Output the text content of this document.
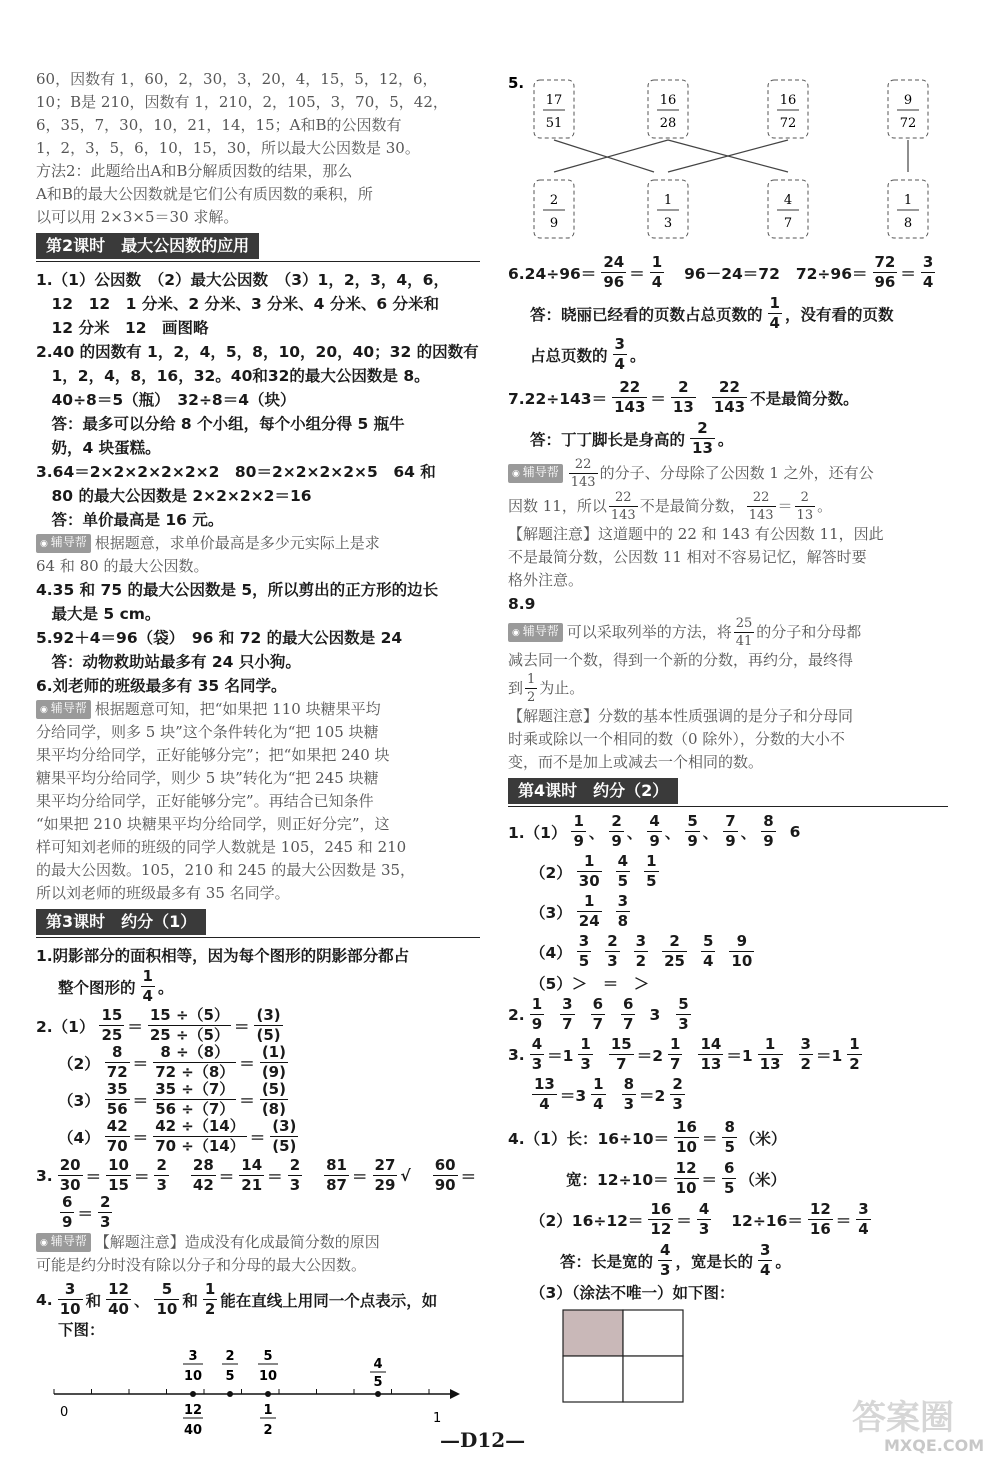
60，因数有 1，60，2，30，3，20，4，15，5，12，6，
10；B是 210，因数有 1，210，2，105，3，70，5，42，
6，35，7，30，10，21，14，15；A和B的公因数有
1，2，3，5，6，10，15，30，所以最大公因数是 30。
方法2：此题给出A和B分解质因数的结果，那么
A和B的最大公因数就是它们公有质因数的乘积，所
以可以用 2×3×5＝30 求解。
第2课时　最大公因数的应用
1.（1）公因数　（2）最大公因数　（3）1，2，3，4，6，
　12　12　1 分米、2 分米、3 分米、4 分米、6 分米和
　12 分米　12　画图略
2.40 的因数有 1，2，4，5，8，10，20，40；32 的因数有
　1，2，4，8，16，32。40和32的最大公因数是 8。
　40÷8＝5（瓶）　32÷8＝4（块）
　答：最多可以分给 8 个小组，每个小组分得 5 瓶牛
　奶，4 块蛋糕。
3.64＝2×2×2×2×2×2　80＝2×2×2×2×5　64 和
　80 的最大公因数是 2×2×2×2＝16
　答：单价最高是 16 元。
◉ 辅导帮 根据题意，求单价最高是多少元实际上是求
64 和 80 的最大公因数。
4.35 和 75 的最大公因数是 5，所以剪出的正方形的边长
　最大是 5 cm。
5.92＋4＝96（袋）　96 和 72 的最大公因数是 24
　答：动物救助站最多有 24 只小狗。
6.刘老师的班级最多有 35 名同学。
◉ 辅导帮 根据题意可知，把“如果把 110 块糖果平均
分给同学，则多 5 块”这个条件转化为“把 105 块糖
果平均分给同学，正好能够分完”；把“如果把 240 块
糖果平均分给同学，则少 5 块”转化为“把 245 块糖
果平均分给同学，正好能够分完”。再结合已知条件
“如果把 210 块糖果平均分给同学，则正好分完”，这
样可知刘老师的班级的同学人数就是 105，245 和 210
的最大公因数。105，210 和 245 的最大公因数是 35，
所以刘老师的班级最多有 35 名同学。
第3课时　约分（1）
1.阴影部分的面积相等，因为每个图形的阴影部分都占
整个图形的
1
4 。
2.（1）
15
25 ＝
15 ÷（5）
25 ÷（5） ＝
(3)
(5)
（2）
8
72 ＝
8 ÷（8）
72 ÷（8） ＝
(1)
(9)
（3）
35
56 ＝
35 ÷（7）
56 ÷（7） ＝
(5)
(8)
（4）
42
70 ＝
42 ÷（14）
70 ÷（14） ＝
(3)
(5)
3.
20
30 ＝
10
15 ＝
2
3
28
42 ＝
14
21 ＝
2
3
81
87 ＝
27
29
√
60
90 ＝
6
9 ＝
2
3
◉ 辅导帮 【解题注意】造成没有化成最简分数的原因
可能是约分时没有除以分子和分母的最大公因数。
4.
3
10 和
12
40 、
5
10 和
1
2 能在直线上用同一个点表示，如
下图：
0	1
3
10
2
5
5
10
4
5
12
40
1
2
5.
17
51
16
28
16
72
9
72
2
9
1
3
4
7
1
8
6.24÷96＝
24
96 ＝
1
4 96－24＝72 72÷96＝
72
96 ＝
3
4
答：晓丽已经看的页数占总页数的
1
4 ，没有看的页数
占总页数的
3
4 。
7.22÷143＝
22
143 ＝
2
13
22
143 不是最简分数。
答：丁丁脚长是身高的
2
13 。
◉ 辅导帮	22
143
的分子、分母除了公因数 1 之外，还有公
因数 11，所以 22
143
不是最简分数， 22
143
＝ 2
13
。
【解题注意】这道题中的 22 和 143 有公因数 11，因此
不是最简分数，公因数 11 相对不容易记忆，解答时要
格外注意。
8.9
◉ 辅导帮 可以采取列举的方法，将 25
41
的分子和分母都
减去同一个数，得到一个新的分数，再约分，最终得
到 1
2
为止。
【解题注意】分数的基本性质强调的是分子和分母同
时乘或除以一个相同的数（0 除外），分数的大小不
变，而不是加上或减去一个相同的数。
第4课时　约分（2）
1.（1）
1
9 、
2
9 、
4
9 、
5
9 、
7
9 、
8
9
6
（2）
1
30
4
5
1
5
（3）
1
24
3
8
（4）
3
5
2
3
3
2
2
25
5
4
9
10
（5）＞　＝　＞
2.
1
9
3
7
6
7
6
7
3
5
3
3.
4
3 ＝1
1
3
15
7 ＝2
1
7
14
13 ＝1
1
13
3
2 ＝1
1
2
13
4 ＝3
1
4
8
3 ＝2
2
3
4.（1）长：16÷10＝
16
10 ＝
8
5 （米）
宽：12÷10＝
12
10 ＝
6
5 （米）
（2）16÷12＝
16
12 ＝
4
3 12÷16＝
12
16 ＝
3
4
答：长是宽的
4
3 ，宽是长的
3
4 。
（3）（涂法不唯一）如下图：
—D12—
答案圈
MXQE.COM
